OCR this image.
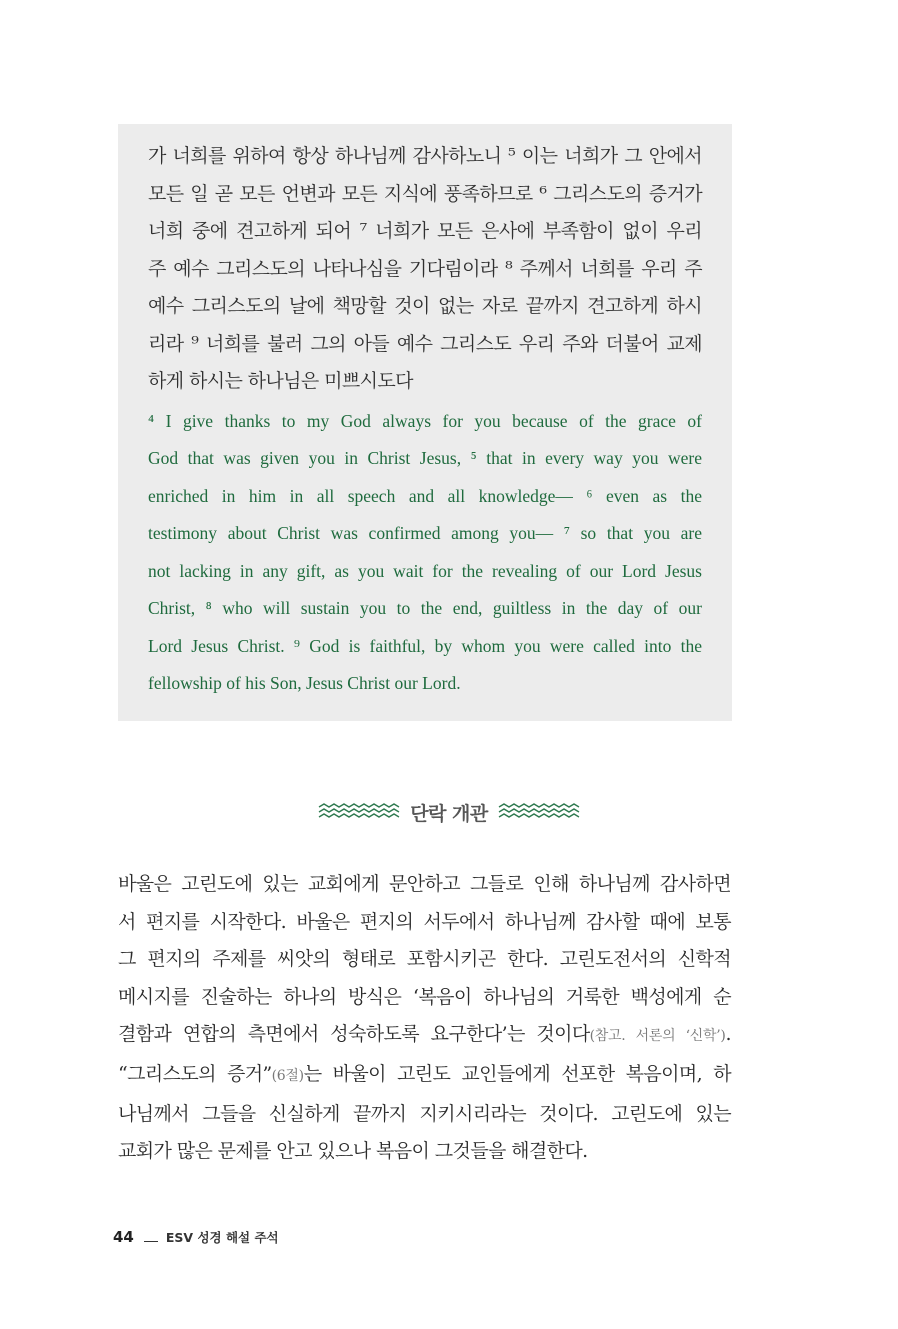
가 너희를 위하여 항상 하나님께 감사하노니 ⁵ 이는 너희가 그 안에서
모든 일 곧 모든 언변과 모든 지식에 풍족하므로 ⁶ 그리스도의 증거가
너희 중에 견고하게 되어 ⁷ 너희가 모든 은사에 부족함이 없이 우리
주 예수 그리스도의 나타나심을 기다림이라 ⁸ 주께서 너희를 우리 주
예수 그리스도의 날에 책망할 것이 없는 자로 끝까지 견고하게 하시
리라 ⁹ 너희를 불러 그의 아들 예수 그리스도 우리 주와 더불어 교제
하게 하시는 하나님은 미쁘시도다
⁴ I give thanks to my God always for you because of the grace of
God that was given you in Christ Jesus, ⁵ that in every way you were
enriched in him in all speech and all knowledge— ⁶ even as the
testimony about Christ was confirmed among you— ⁷ so that you are
not lacking in any gift, as you wait for the revealing of our Lord Jesus
Christ, ⁸ who will sustain you to the end, guiltless in the day of our
Lord Jesus Christ. ⁹ God is faithful, by whom you were called into the
fellowship of his Son, Jesus Christ our Lord.
단락 개관
바울은 고린도에 있는 교회에게 문안하고 그들로 인해 하나님께 감사하면
서 편지를 시작한다. 바울은 편지의 서두에서 하나님께 감사할 때에 보통
그 편지의 주제를 씨앗의 형태로 포함시키곤 한다. 고린도전서의 신학적
메시지를 진술하는 하나의 방식은 ‘복음이 하나님의 거룩한 백성에게 순
결함과 연합의 측면에서 성숙하도록 요구한다’는 것이다(참고. 서론의 ‘신학’).
“그리스도의 증거”(6절)는 바울이 고린도 교인들에게 선포한 복음이며, 하
나님께서 그들을 신실하게 끝까지 지키시리라는 것이다. 고린도에 있는
교회가 많은 문제를 안고 있으나 복음이 그것들을 해결한다.
44	ESV 성경 해설 주석
